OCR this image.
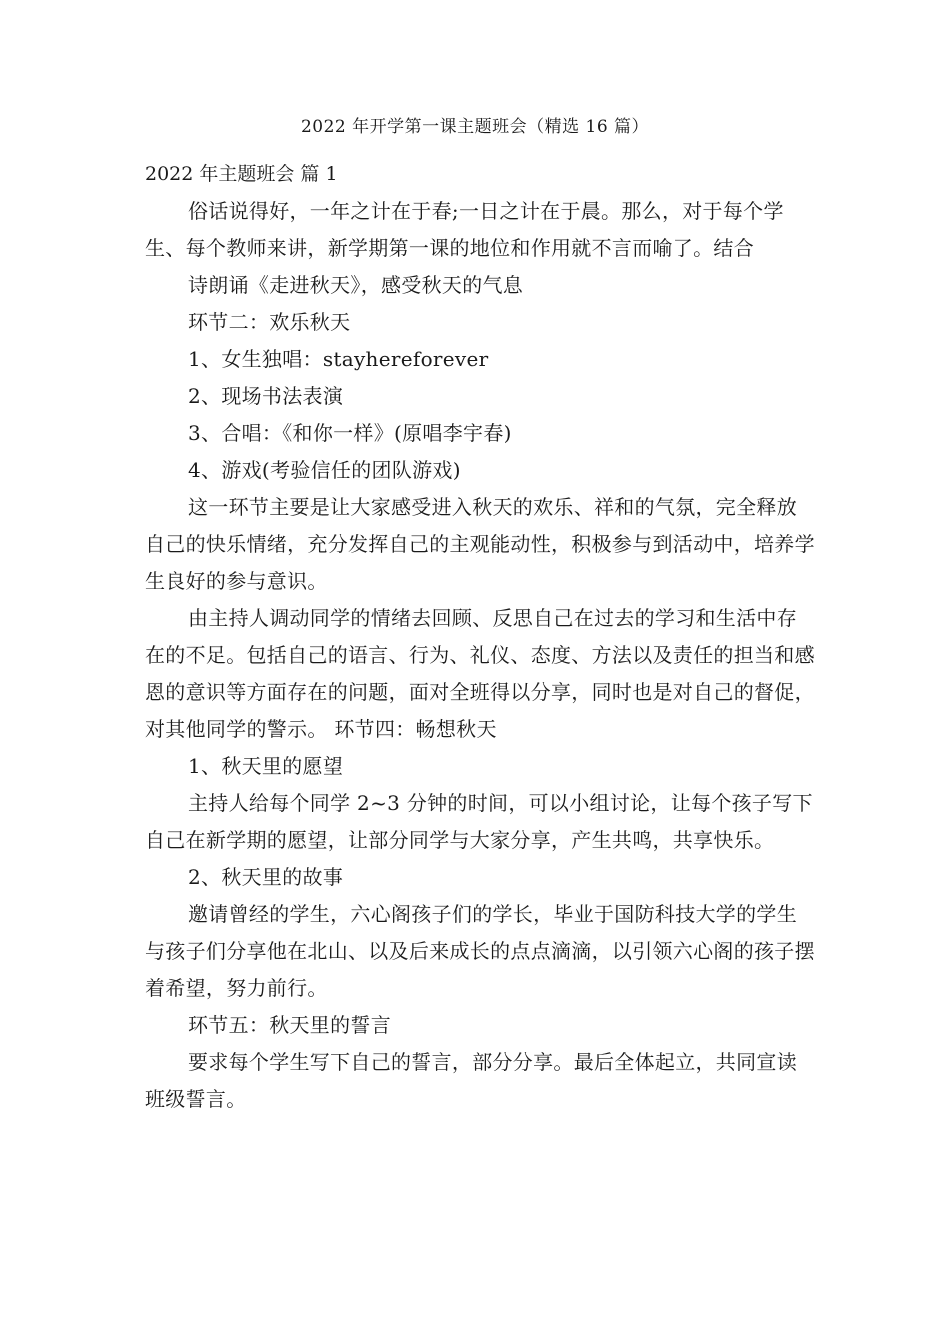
2022 年开学第一课主题班会（精选 16 篇）
2022 年主题班会 篇 1

俗话说得好，一年之计在于春;一日之计在于晨。那么，对于每个学生、每个教师来讲，新学期第一课的地位和作用就不言而喻了。结合

诗朗诵《走进秋天》，感受秋天的气息

环节二：欢乐秋天

1、女生独唱：stayhereforever

2、现场书法表演

3、合唱：《和你一样》(原唱李宇春)

4、游戏(考验信任的团队游戏)

这一环节主要是让大家感受进入秋天的欢乐、祥和的气氛，完全释放自己的快乐情绪，充分发挥自己的主观能动性，积极参与到活动中，培养学生良好的参与意识。

由主持人调动同学的情绪去回顾、反思自己在过去的学习和生活中存在的不足。包括自己的语言、行为、礼仪、态度、方法以及责任的担当和感恩的意识等方面存在的问题，面对全班得以分享，同时也是对自己的督促，对其他同学的警示。 环节四：畅想秋天

1、秋天里的愿望

主持人给每个同学 2~3 分钟的时间，可以小组讨论，让每个孩子写下自己在新学期的愿望，让部分同学与大家分享，产生共鸣，共享快乐。

2、秋天里的故事

邀请曾经的学生，六心阁孩子们的学长，毕业于国防科技大学的学生与孩子们分享他在北山、以及后来成长的点点滴滴，以引领六心阁的孩子摆着希望，努力前行。

环节五：秋天里的誓言

要求每个学生写下自己的誓言，部分分享。最后全体起立，共同宣读班级誓言。
